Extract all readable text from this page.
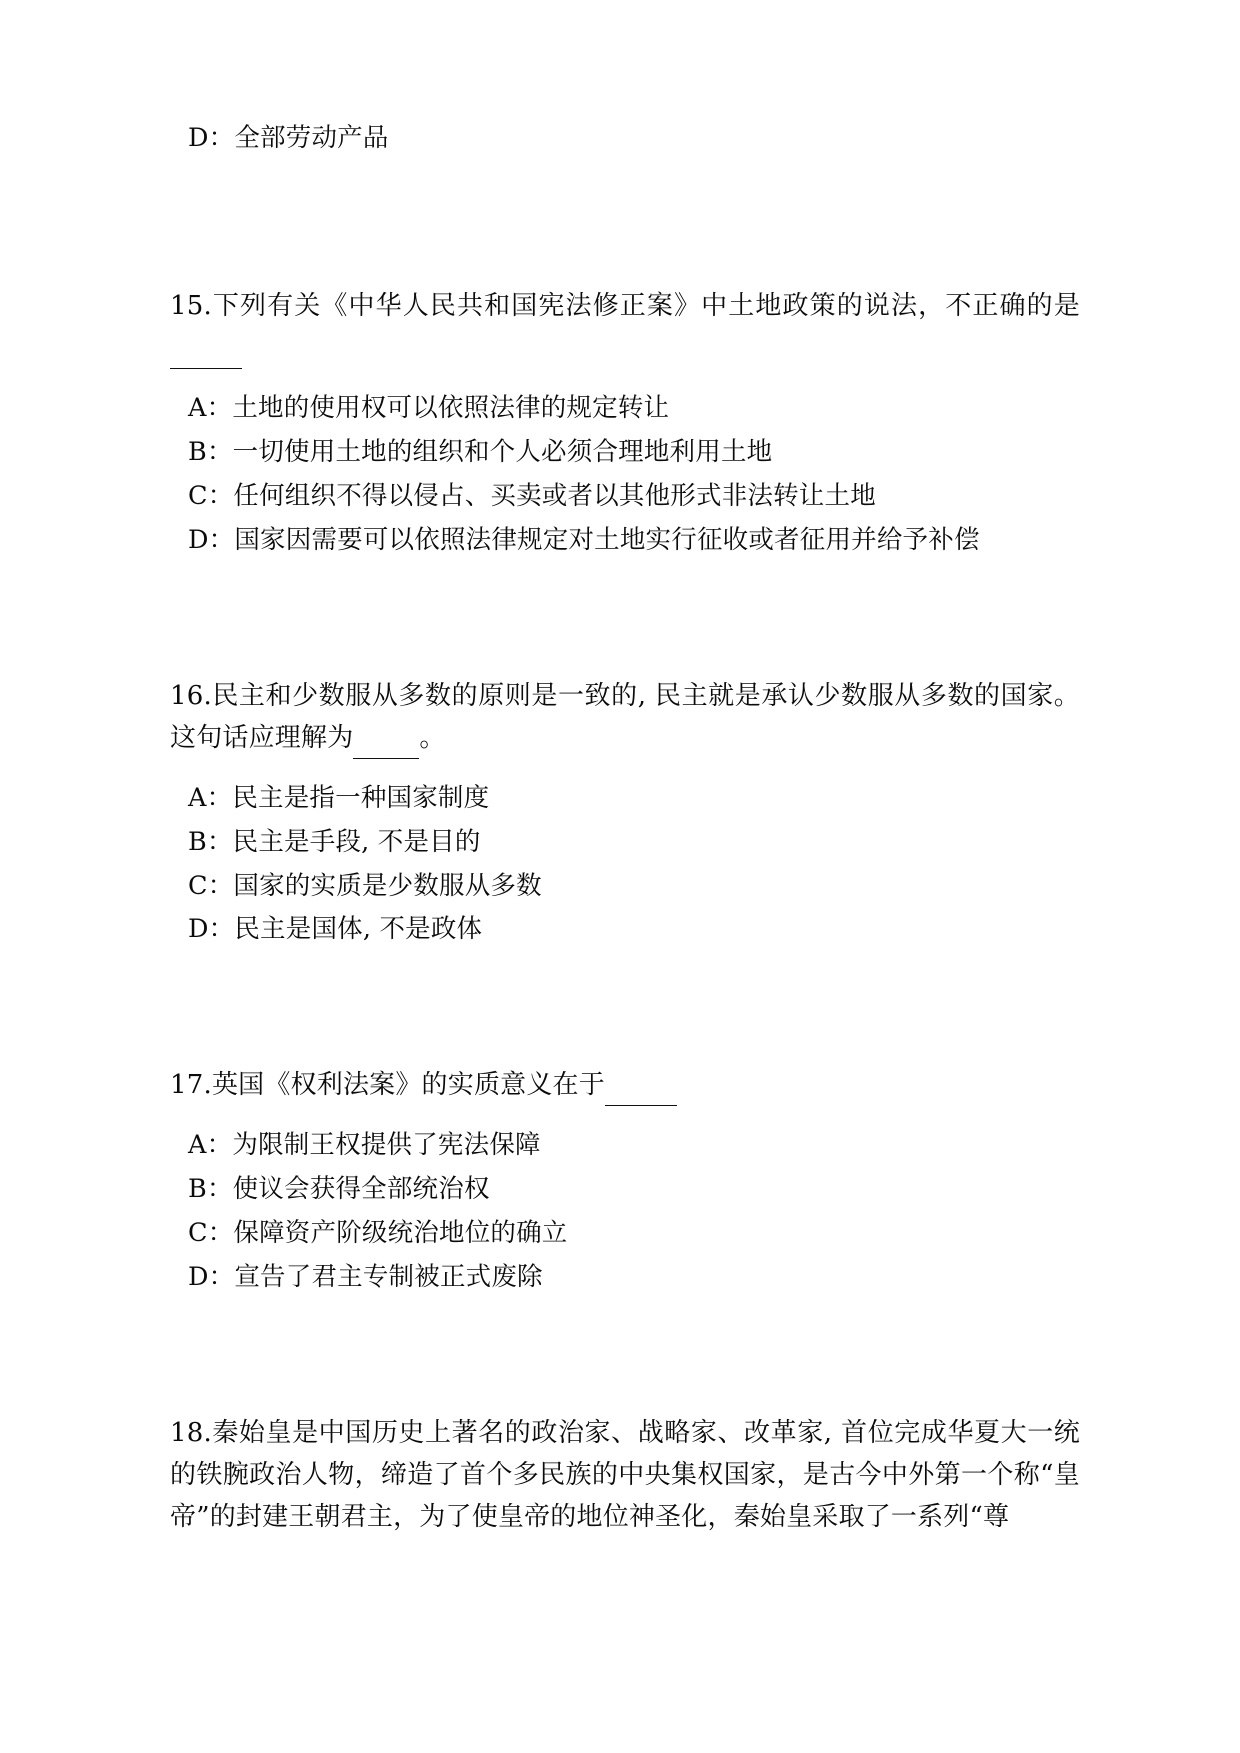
D：全部劳动产品

15.下列有关《中华人民共和国宪法修正案》中土地政策的说法，不正确的是

A：土地的使用权可以依照法律的规定转让
B：一切使用土地的组织和个人必须合理地利用土地
C：任何组织不得以侵占、买卖或者以其他形式非法转让土地
D：国家因需要可以依照法律规定对土地实行征收或者征用并给予补偿

16.民主和少数服从多数的原则是一致的, 民主就是承认少数服从多数的国家。这句话应理解为	。

A：民主是指一种国家制度
B：民主是手段, 不是目的
C：国家的实质是少数服从多数
D：民主是国体, 不是政体

17.英国《权利法案》的实质意义在于

A：为限制王权提供了宪法保障
B：使议会获得全部统治权
C：保障资产阶级统治地位的确立
D：宣告了君主专制被正式废除

18.秦始皇是中国历史上著名的政治家、战略家、改革家, 首位完成华夏大一统的铁腕政治人物，缔造了首个多民族的中央集权国家，是古今中外第一个称“皇帝”的封建王朝君主，为了使皇帝的地位神圣化，秦始皇采取了一系列“尊
